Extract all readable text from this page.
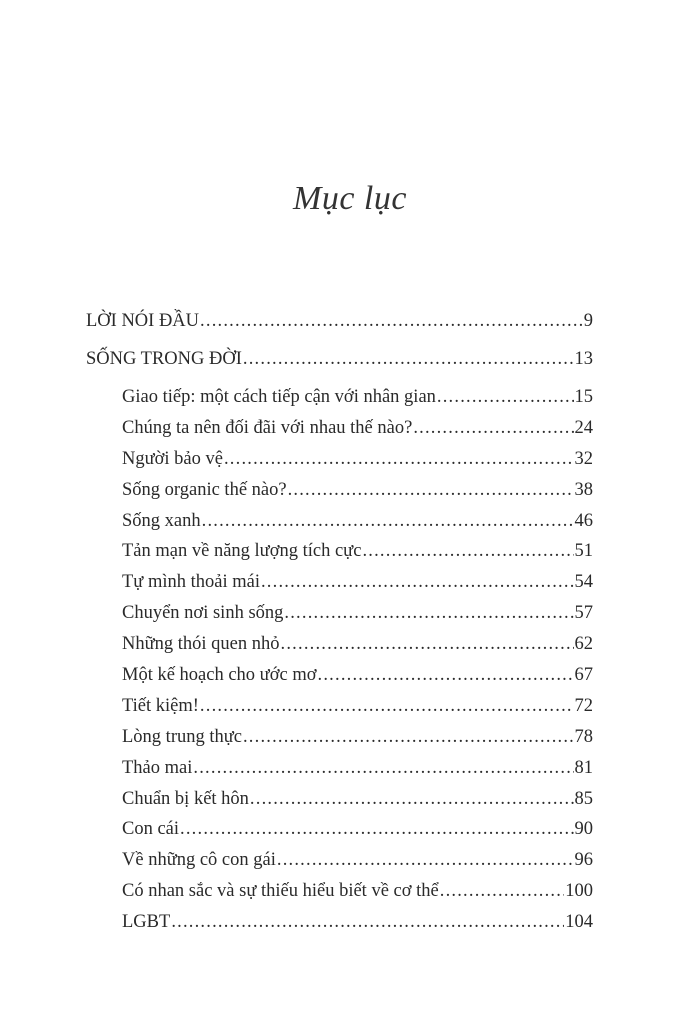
Mục lục
LỜI NÓI ĐẦU .....	9
SỐNG TRONG ĐỜI .....	13
Giao tiếp: một cách tiếp cận với nhân gian .....	15
Chúng ta nên đối đãi với nhau thế nào? .....	24
Người bảo vệ .....	32
Sống organic thế nào? .....	38
Sống xanh .....	46
Tản mạn về năng lượng tích cực .....	51
Tự mình thoải mái .....	54
Chuyển nơi sinh sống .....	57
Những thói quen nhỏ .....	62
Một kế hoạch cho ước mơ .....	67
Tiết kiệm! .....	72
Lòng trung thực .....	78
Thảo mai .....	81
Chuẩn bị kết hôn .....	85
Con cái .....	90
Về những cô con gái .....	96
Có nhan sắc và sự thiếu hiểu biết về cơ thể .....	100
LGBT .....	104
